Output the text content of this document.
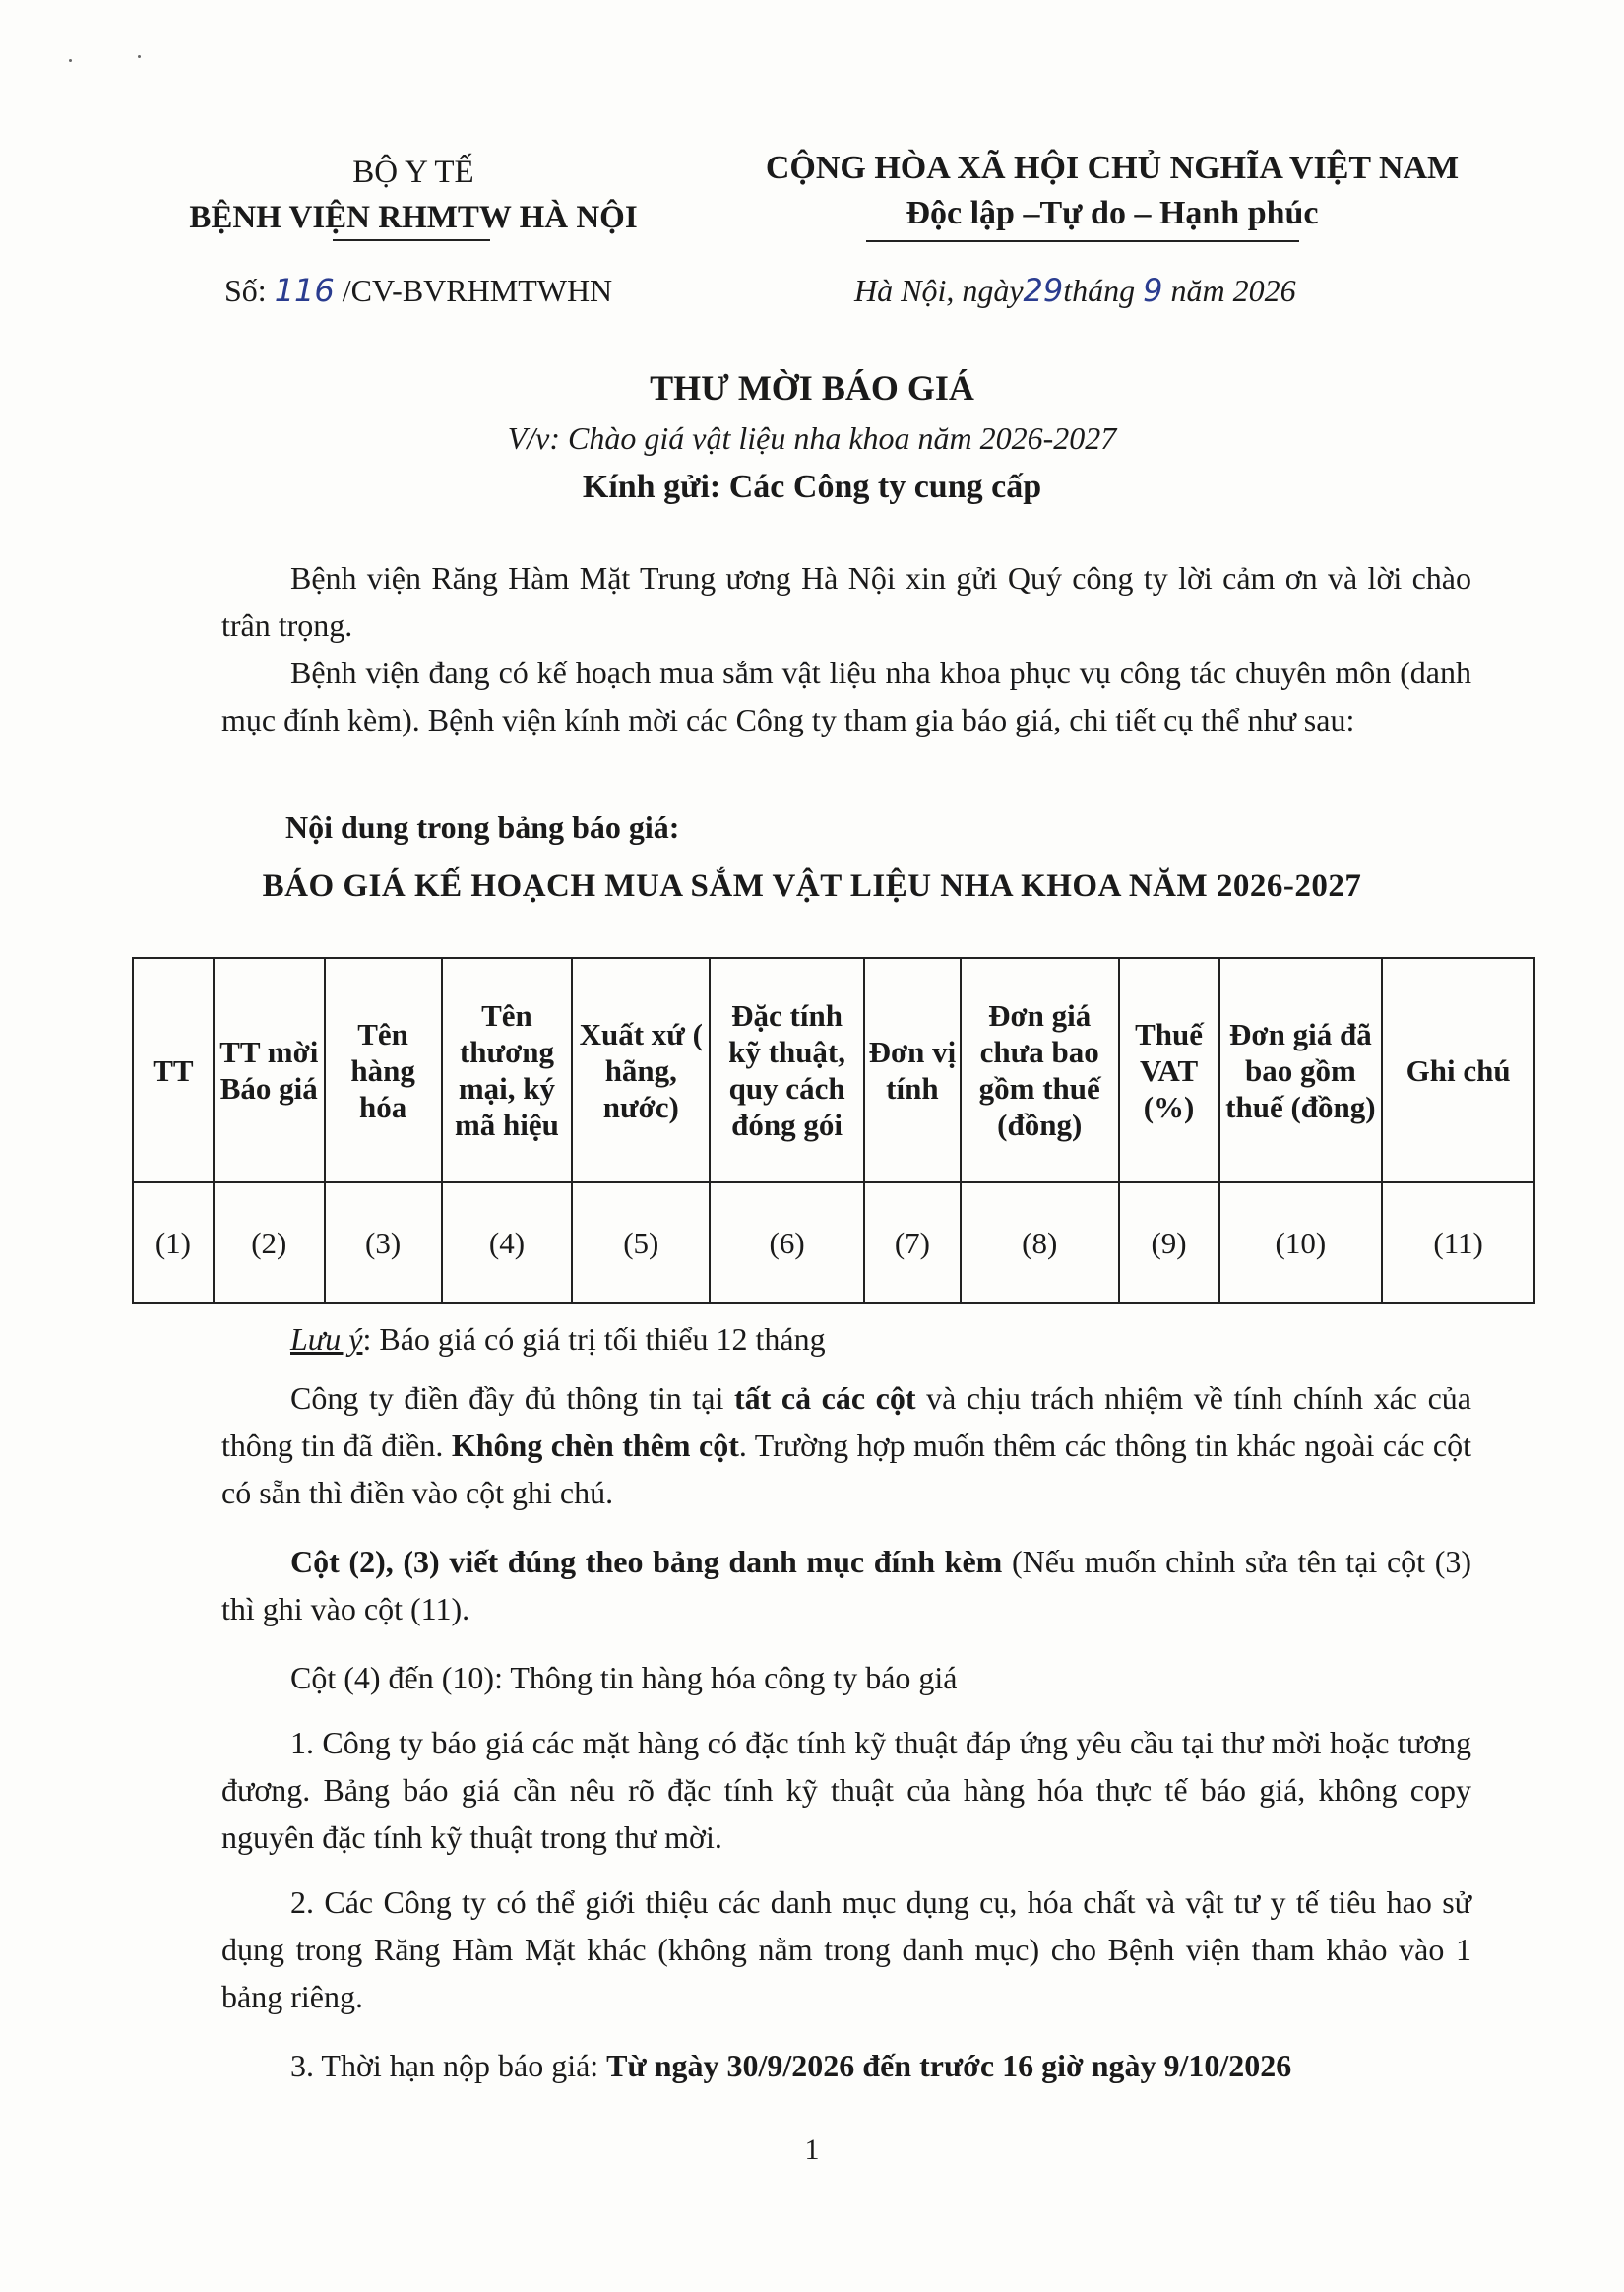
BỘ Y TẾ
BỆNH VIỆN RHMTW HÀ NỘI
CỘNG HÒA XÃ HỘI CHỦ NGHĨA VIỆT NAM
Độc lập –Tự do – Hạnh phúc
Số: 116 /CV-BVRHMTWHN	Hà Nội, ngày29tháng 9 năm 2026
THƯ MỜI BÁO GIÁ
V/v: Chào giá vật liệu nha khoa năm 2026-2027
Kính gửi: Các Công ty cung cấp
Bệnh viện Răng Hàm Mặt Trung ương Hà Nội xin gửi Quý công ty lời cảm ơn và lời chào trân trọng.
Bệnh viện đang có kế hoạch mua sắm vật liệu nha khoa phục vụ công tác chuyên môn (danh mục đính kèm). Bệnh viện kính mời các Công ty tham gia báo giá, chi tiết cụ thể như sau:
Nội dung trong bảng báo giá:
BÁO GIÁ KẾ HOẠCH MUA SẮM VẬT LIỆU NHA KHOA NĂM 2026-2027
TT	TT mời Báo giá	Tên hàng hóa	Tên thương mại, ký mã hiệu	Xuất xứ ( hãng, nước)	Đặc tính kỹ thuật, quy cách đóng gói	Đơn vị tính	Đơn giá chưa bao gồm thuế (đồng)	Thuế VAT (%)	Đơn giá đã bao gồm thuế (đồng)	Ghi chú
(1)	(2)	(3)	(4)	(5)	(6)	(7)	(8)	(9)	(10)	(11)
Lưu ý: Báo giá có giá trị tối thiểu 12 tháng
Công ty điền đầy đủ thông tin tại tất cả các cột và chịu trách nhiệm về tính chính xác của thông tin đã điền. Không chèn thêm cột. Trường hợp muốn thêm các thông tin khác ngoài các cột có sẵn thì điền vào cột ghi chú.
Cột (2), (3) viết đúng theo bảng danh mục đính kèm (Nếu muốn chỉnh sửa tên tại cột (3) thì ghi vào cột (11).
Cột (4) đến (10): Thông tin hàng hóa công ty báo giá
1. Công ty báo giá các mặt hàng có đặc tính kỹ thuật đáp ứng yêu cầu tại thư mời hoặc tương đương. Bảng báo giá cần nêu rõ đặc tính kỹ thuật của hàng hóa thực tế báo giá, không copy nguyên đặc tính kỹ thuật trong thư mời.
2. Các Công ty có thể giới thiệu các danh mục dụng cụ, hóa chất và vật tư y tế tiêu hao sử dụng trong Răng Hàm Mặt khác (không nằm trong danh mục) cho Bệnh viện tham khảo vào 1 bảng riêng.
3. Thời hạn nộp báo giá: Từ ngày 30/9/2026 đến trước 16 giờ ngày 9/10/2026
1
